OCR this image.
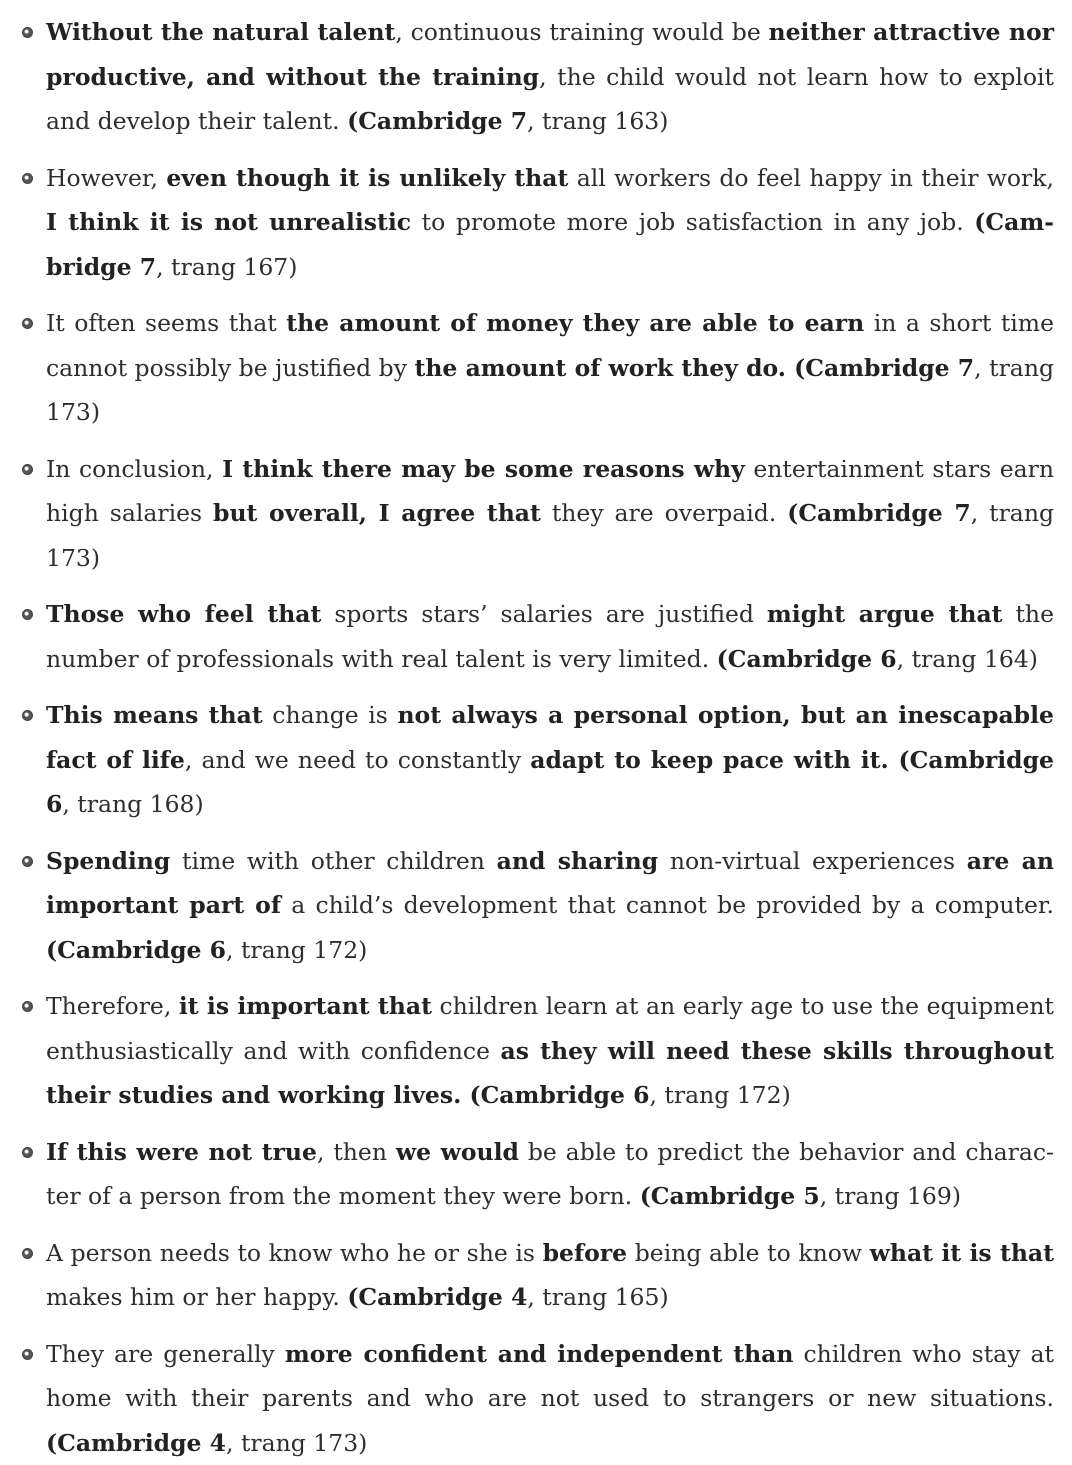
Without the natural talent, continuous training would be neither attractive nor productive, and without the training, the child would not learn how to exploit and develop their talent. (Cambridge 7, trang 163)
However, even though it is unlikely that all workers do feel happy in their work, I think it is not unrealistic to promote more job satisfaction in any job. (Cambridge 7, trang 167)
It often seems that the amount of money they are able to earn in a short time cannot possibly be justified by the amount of work they do. (Cambridge 7, trang 173)
In conclusion, I think there may be some reasons why entertainment stars earn high salaries but overall, I agree that they are overpaid. (Cambridge 7, trang 173)
Those who feel that sports stars’ salaries are justified might argue that the number of professionals with real talent is very limited. (Cambridge 6, trang 164)
This means that change is not always a personal option, but an inescapable fact of life, and we need to constantly adapt to keep pace with it. (Cambridge 6, trang 168)
Spending time with other children and sharing non-virtual experiences are an important part of a child’s development that cannot be provided by a computer. (Cambridge 6, trang 172)
Therefore, it is important that children learn at an early age to use the equipment enthusiastically and with confidence as they will need these skills throughout their studies and working lives. (Cambridge 6, trang 172)
If this were not true, then we would be able to predict the behavior and character of a person from the moment they were born. (Cambridge 5, trang 169)
A person needs to know who he or she is before being able to know what it is that makes him or her happy. (Cambridge 4, trang 165)
They are generally more confident and independent than children who stay at home with their parents and who are not used to strangers or new situations. (Cambridge 4, trang 173)
